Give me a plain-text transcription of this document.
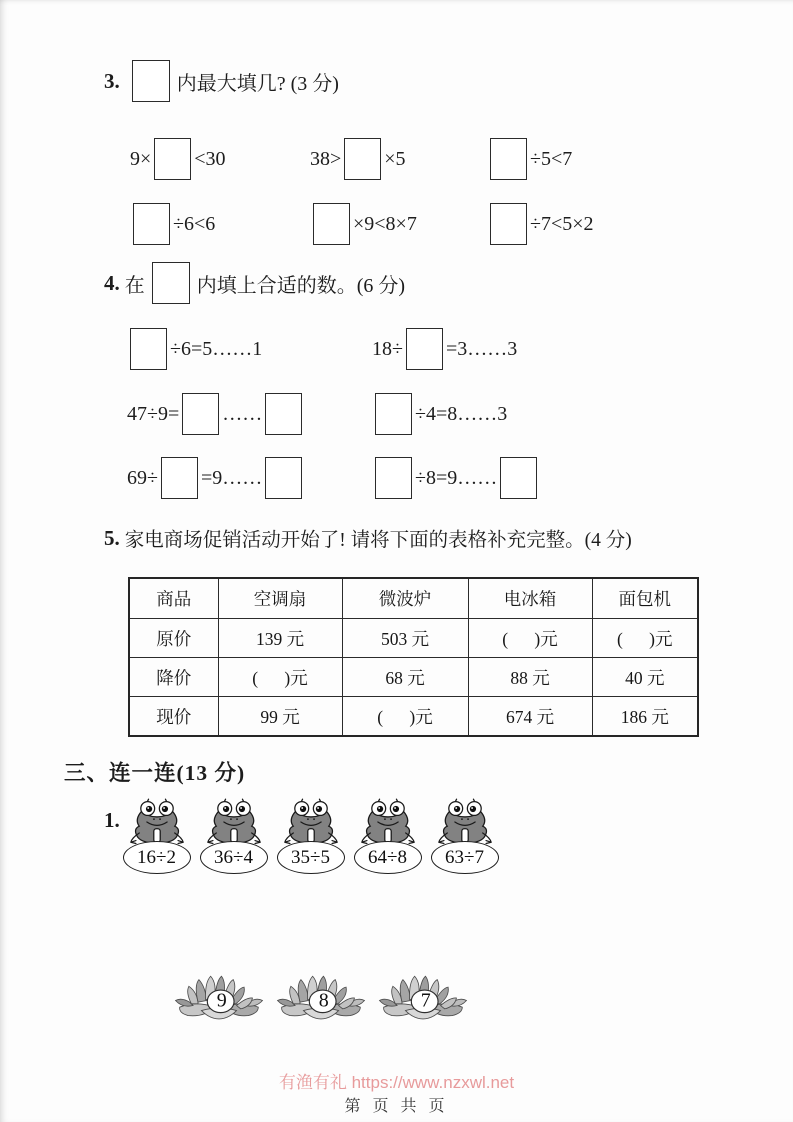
3.	内最大填几? (3 分)
9× <30	38> ×5	÷5<7
÷6<6	×9<8×7	÷7<5×2
4. 在	内填上合适的数。(6 分)
÷6=5……1	18÷ =3……3
47÷9= ……	÷4=8……3
69÷ =9……	÷8=9……
5. 家电商场促销活动开始了! 请将下面的表格补充完整。(4 分)
商品	空调扇	微波炉	电冰箱	面包机
原价	139 元	503 元	(      )元	(      )元
降价	(      )元	68 元	88 元	40 元
现价	99 元	(      )元	674 元	186 元
三、连一连(13 分)
1.
16÷2 36÷4 35÷5 64÷8 63÷7
9	8	7
有渔有礼 https://www.nzxwl.net
第 页 共 页
